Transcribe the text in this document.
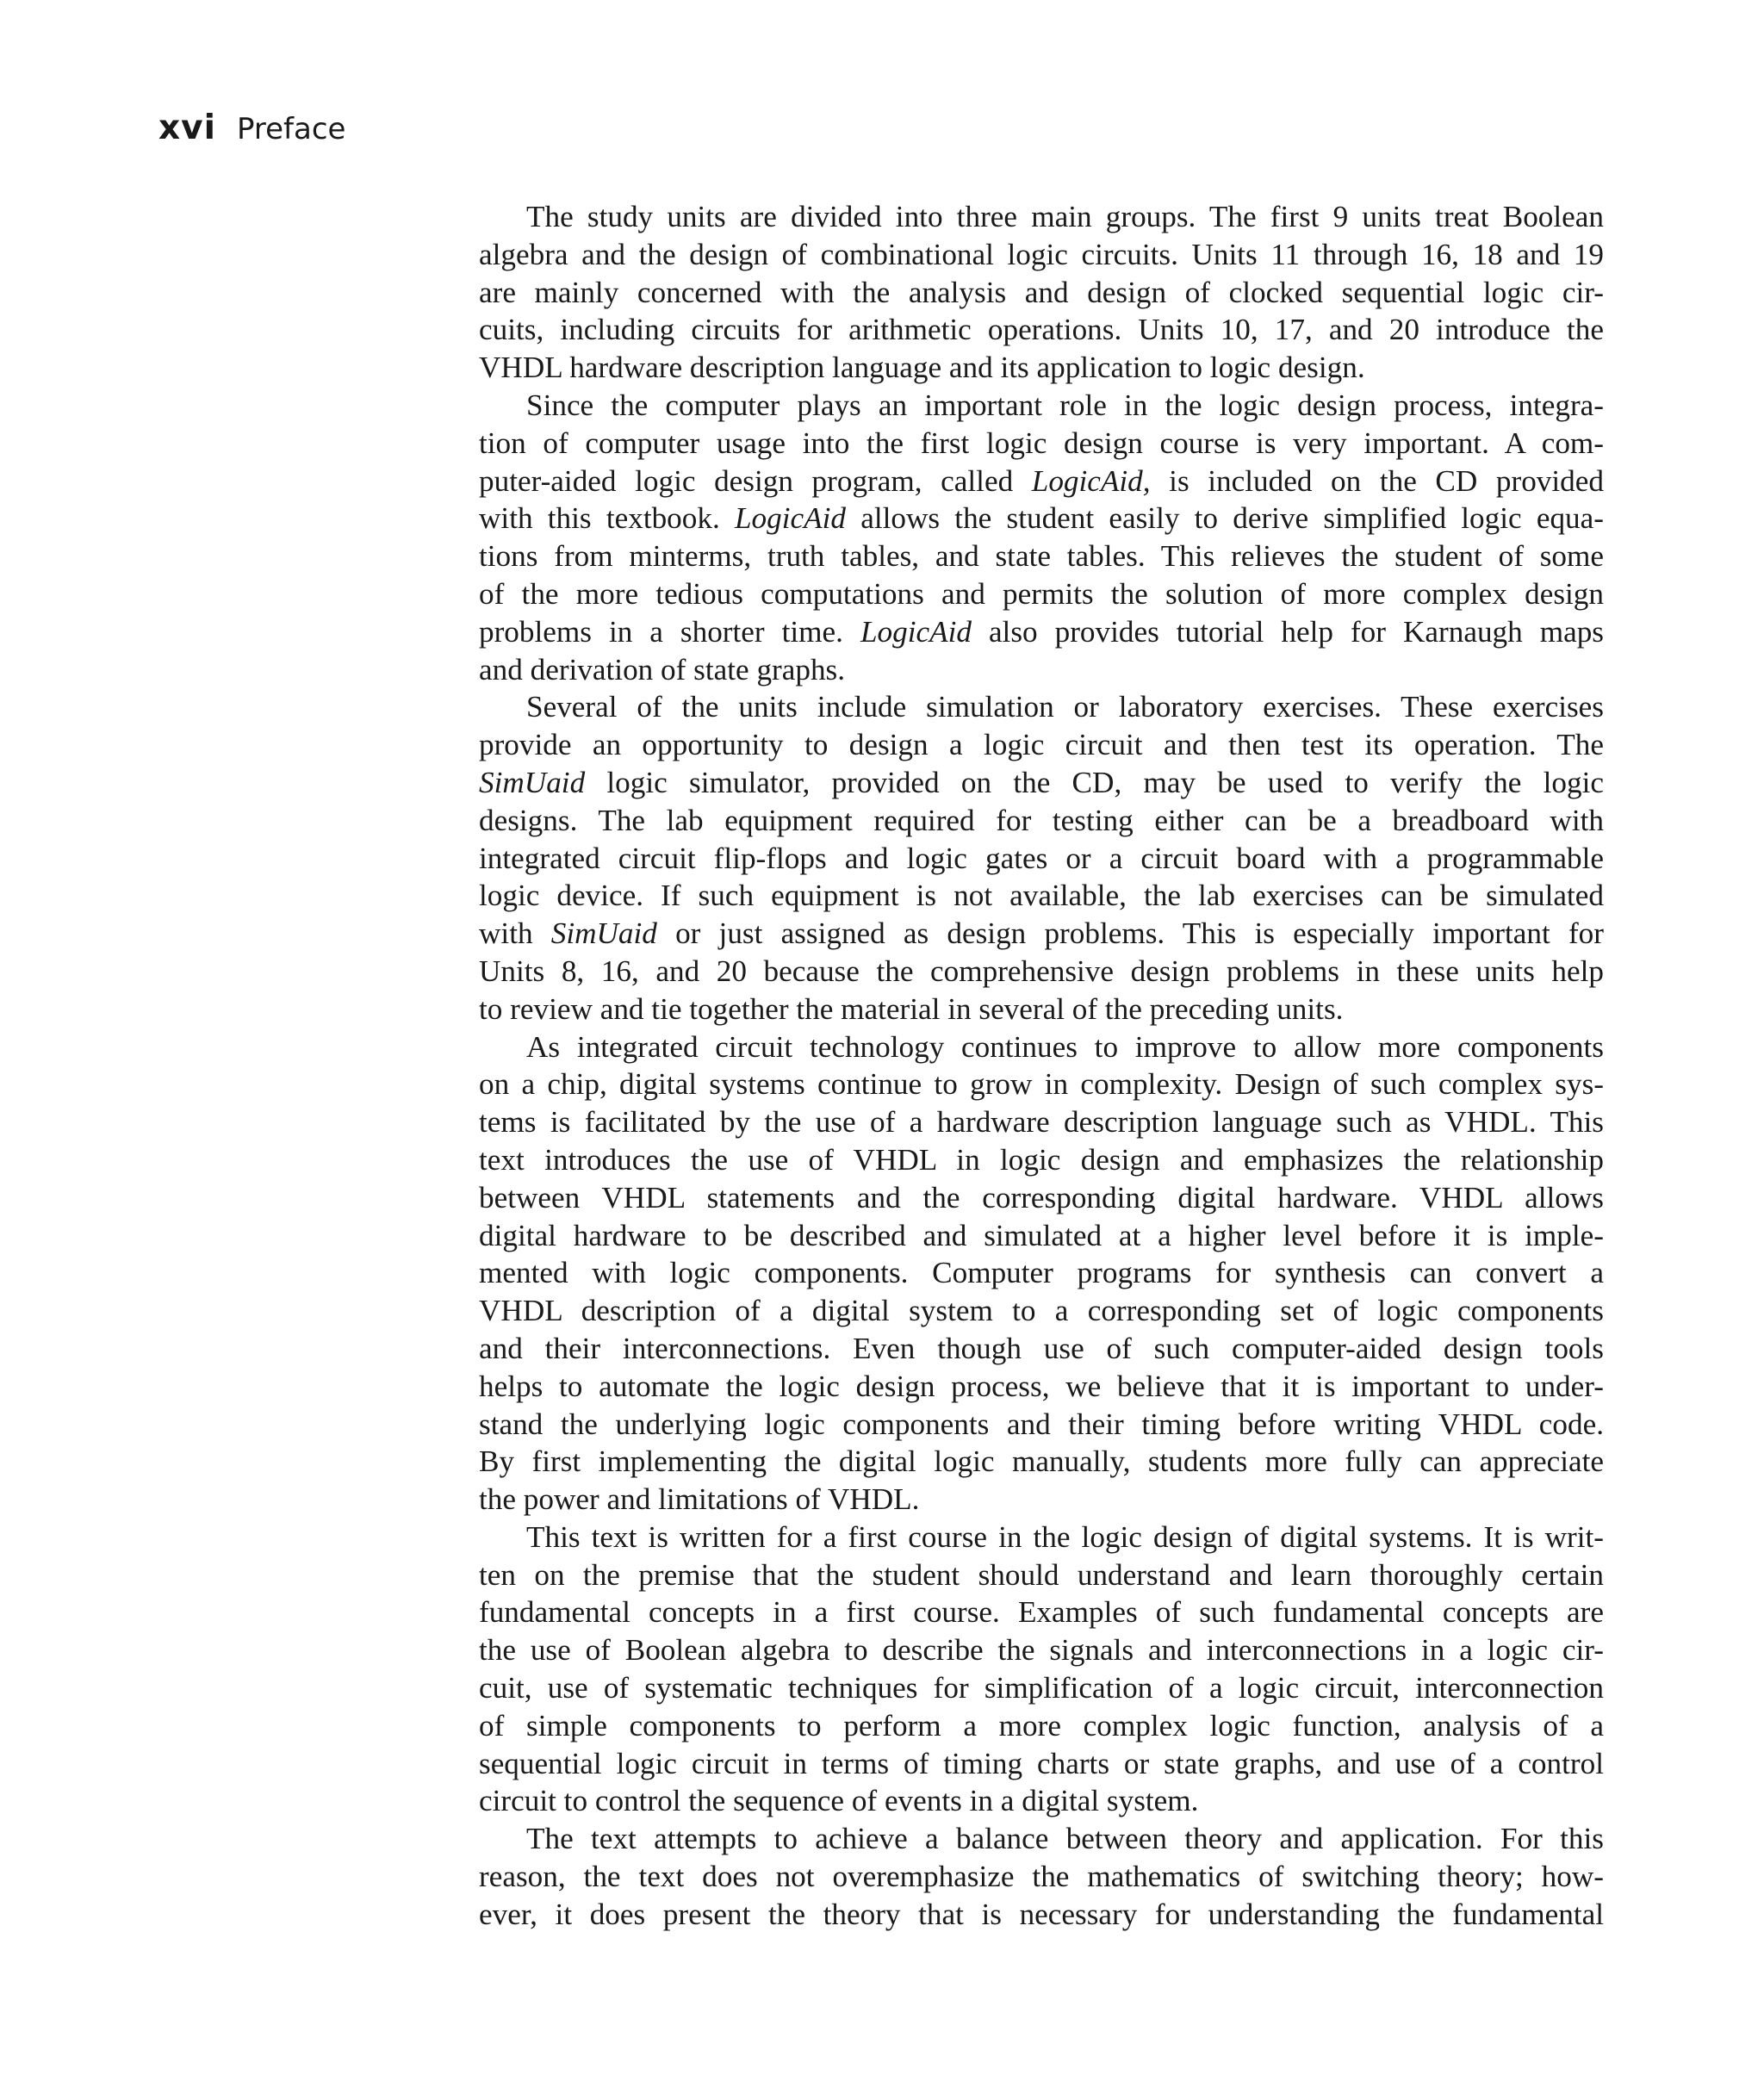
xvi Preface
The study units are divided into three main groups. The first 9 units treat Boolean
algebra and the design of combinational logic circuits. Units 11 through 16, 18 and 19
are mainly concerned with the analysis and design of clocked sequential logic cir-
cuits, including circuits for arithmetic operations. Units 10, 17, and 20 introduce the
VHDL hardware description language and its application to logic design.
Since the computer plays an important role in the logic design process, integra-
tion of computer usage into the first logic design course is very important. A com-
puter-aided logic design program, called LogicAid, is included on the CD provided
with this textbook. LogicAid allows the student easily to derive simplified logic equa-
tions from minterms, truth tables, and state tables. This relieves the student of some
of the more tedious computations and permits the solution of more complex design
problems in a shorter time. LogicAid also provides tutorial help for Karnaugh maps
and derivation of state graphs.
Several of the units include simulation or laboratory exercises. These exercises
provide an opportunity to design a logic circuit and then test its operation. The
SimUaid logic simulator, provided on the CD, may be used to verify the logic
designs. The lab equipment required for testing either can be a breadboard with
integrated circuit flip-flops and logic gates or a circuit board with a programmable
logic device. If such equipment is not available, the lab exercises can be simulated
with SimUaid or just assigned as design problems. This is especially important for
Units 8, 16, and 20 because the comprehensive design problems in these units help
to review and tie together the material in several of the preceding units.
As integrated circuit technology continues to improve to allow more components
on a chip, digital systems continue to grow in complexity. Design of such complex sys-
tems is facilitated by the use of a hardware description language such as VHDL. This
text introduces the use of VHDL in logic design and emphasizes the relationship
between VHDL statements and the corresponding digital hardware. VHDL allows
digital hardware to be described and simulated at a higher level before it is imple-
mented with logic components. Computer programs for synthesis can convert a
VHDL description of a digital system to a corresponding set of logic components
and their interconnections. Even though use of such computer-aided design tools
helps to automate the logic design process, we believe that it is important to under-
stand the underlying logic components and their timing before writing VHDL code.
By first implementing the digital logic manually, students more fully can appreciate
the power and limitations of VHDL.
This text is written for a first course in the logic design of digital systems. It is writ-
ten on the premise that the student should understand and learn thoroughly certain
fundamental concepts in a first course. Examples of such fundamental concepts are
the use of Boolean algebra to describe the signals and interconnections in a logic cir-
cuit, use of systematic techniques for simplification of a logic circuit, interconnection
of simple components to perform a more complex logic function, analysis of a
sequential logic circuit in terms of timing charts or state graphs, and use of a control
circuit to control the sequence of events in a digital system.
The text attempts to achieve a balance between theory and application. For this
reason, the text does not overemphasize the mathematics of switching theory; how-
ever, it does present the theory that is necessary for understanding the fundamental
